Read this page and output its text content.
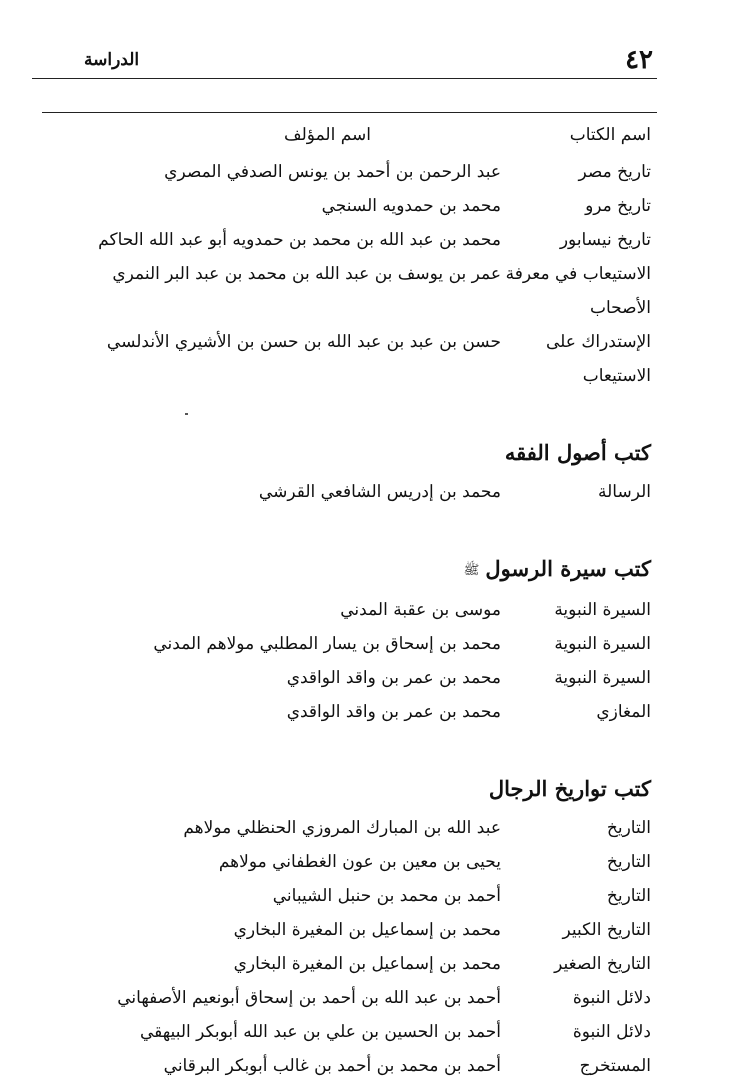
٤٢
الدراسة
اسم الكتاب
اسم المؤلف
تاريخ مصر
عبد الرحمن بن أحمد بن يونس الصدفي المصري
تاريخ مرو
محمد بن حمدويه السنجي
تاريخ نيسابور
محمد بن عبد الله بن محمد بن حمدويه أبو عبد الله الحاكم
الاستيعاب في معرفة الأصحاب
عمر بن يوسف بن عبد الله بن محمد بن عبد البر النمري
الإستدراك على الاستيعاب
حسن بن عبد بن عبد الله بن حسن بن الأشيري الأندلسي
كتب أصول الفقه
الرسالة
محمد بن إدريس الشافعي القرشي
كتب سيرة الرسولﷺ
السيرة النبوية
موسى بن عقبة المدني
السيرة النبوية
محمد بن إسحاق بن يسار المطلبي مولاهم المدني
السيرة النبوية
محمد بن عمر بن واقد الواقدي
المغازي
محمد بن عمر بن واقد الواقدي
كتب تواريخ الرجال
التاريخ
عبد الله بن المبارك المروزي الحنظلي مولاهم
التاريخ
يحيى بن معين بن عون الغطفاني مولاهم
التاريخ
أحمد بن محمد بن حنبل الشيباني
التاريخ الكبير
محمد بن إسماعيل بن المغيرة البخاري
التاريخ الصغير
محمد بن إسماعيل بن المغيرة البخاري
دلائل النبوة
أحمد بن عبد الله بن أحمد بن إسحاق أبونعيم الأصفهاني
دلائل النبوة
أحمد بن الحسين بن علي بن عبد الله أبوبكر البيهقي
المستخرج
أحمد بن محمد بن أحمد بن غالب أبوبكر البرقاني
